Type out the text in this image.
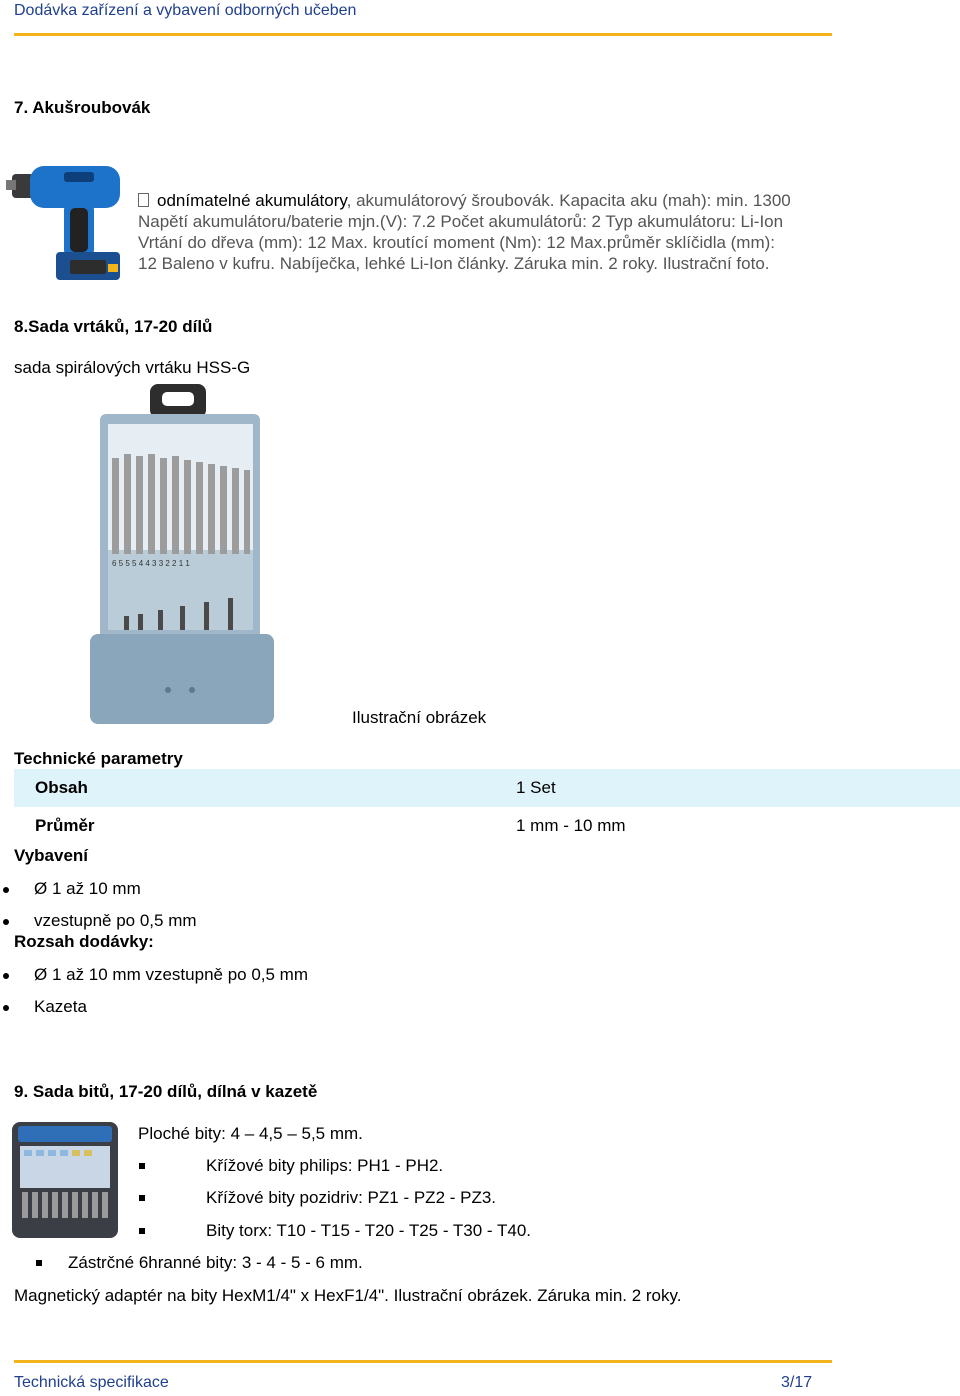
Dodávka zařízení a vybavení odborných učeben
7. Akušroubovák
odnímatelné akumulátory, akumulátorový šroubovák. Kapacita aku (mah): min. 1300
Napětí akumulátoru/baterie mjn.(V): 7.2 Počet akumulátorů: 2 Typ akumulátoru: Li-Ion
Vrtání do dřeva (mm): 12 Max. kroutící moment (Nm): 12 Max.průměr sklíčidla (mm):
12 Baleno v kufru. Nabíječka, lehké Li-Ion články. Záruka min. 2 roky. Ilustrační foto.
8.Sada vrtáků, 17-20 dílů
sada spirálových vrtáku HSS-G
6 5 5 5 4 4 3 3 2 2 1 1
Ilustrační obrázek
Technické parametry
Obsah	1 Set
Průměr	1 mm - 10 mm
Vybavení
Ø 1 až 10 mm
vzestupně po 0,5 mm
Rozsah dodávky:
Ø 1 až 10 mm vzestupně po 0,5 mm
Kazeta
9. Sada bitů, 17-20 dílů, dílná v kazetě
Ploché bity: 4 – 4,5 – 5,5 mm.
Křížové bity philips: PH1 - PH2.
Křížové bity pozidriv: PZ1 - PZ2 - PZ3.
Bity torx: T10 - T15 - T20 - T25 - T30 - T40.
Zástrčné 6hranné bity: 3 - 4 - 5 - 6 mm.
Magnetický adaptér na bity HexM1/4" x HexF1/4". Ilustrační obrázek. Záruka min. 2 roky.
Technická specifikace	3/17
